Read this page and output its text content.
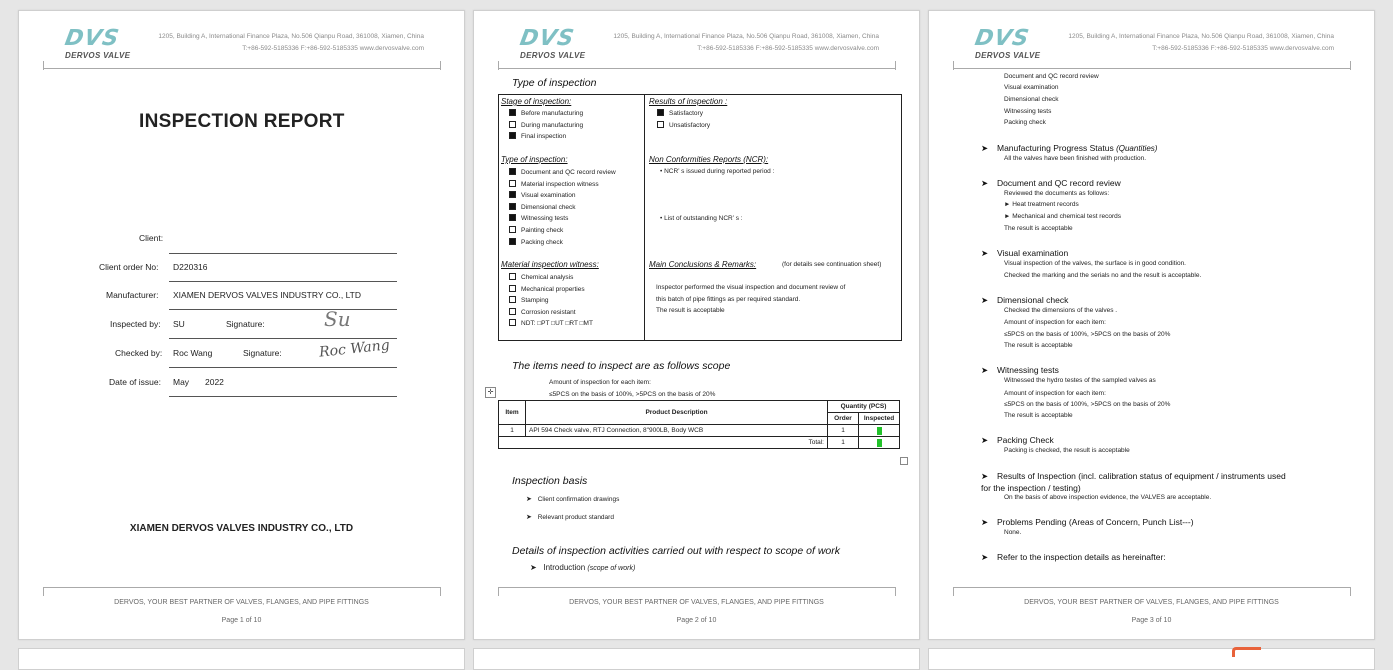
DVS
DERVOS VALVE
1205, Building A, International Finance Plaza, No.506 Qianpu Road, 361008, Xiamen, China
T:+86-592-5185336 F:+86-592-5185335 www.dervosvalve.com
INSPECTION REPORT
Client:
Client order No: D220316
Manufacturer: XIAMEN DERVOS VALVES INDUSTRY CO., LTD
Inspected by: SU	Signature:	Su
Checked by: Roc Wang	Signature:	Roc Wang
Date of issue: May 2022
XIAMEN DERVOS VALVES INDUSTRY CO., LTD
DERVOS, YOUR BEST PARTNER OF VALVES, FLANGES, AND PIPE FITTINGS
Page 1 of 10
DVS
DERVOS VALVE
1205, Building A, International Finance Plaza, No.506 Qianpu Road, 361008, Xiamen, China
T:+86-592-5185336 F:+86-592-5185335 www.dervosvalve.com
Type of inspection
Stage of inspection:
Before manufacturing
During manufacturing
Final inspection
Results of inspection :
Satisfactory
Unsatisfactory
Type of inspection:
Document and QC record review
Material inspection witness
Visual examination
Dimensional check
Witnessing tests
Painting check
Packing check
Non Conformities Reports (NCR):
• NCR’ s issued during reported period :
• List of outstanding NCR’ s :
Material inspection witness:
Chemical analysis
Mechanical properties
Stamping
Corrosion resistant
NDT: □PT □UT □RT □MT
Main Conclusions & Remarks:	(for details see continuation sheet)
Inspector performed the visual inspection and document review of
this batch of pipe fittings as per required standard.
The result is acceptable
The items need to inspect are as follows scope
Amount of inspection for each item:
≤5PCS on the basis of 100%, >5PCS on the basis of 20%
✛
Item	Product Description	Quantity (PCS)	
		Order	Inspected
1	API 594 Check valve, RTJ Connection, 8"900LB, Body WCB	1	
Total:		1	
Inspection basis
➤   Client confirmation drawings
➤   Relevant product standard
Details of inspection activities carried out with respect to scope of work
➤   Introduction (scope of work)
DERVOS, YOUR BEST PARTNER OF VALVES, FLANGES, AND PIPE FITTINGS
Page 2 of 10
DVS
DERVOS VALVE
1205, Building A, International Finance Plaza, No.506 Qianpu Road, 361008, Xiamen, China
T:+86-592-5185336 F:+86-592-5185335 www.dervosvalve.com
Document and QC record review
Visual examination
Dimensional check
Witnessing tests
Packing check
➤ Manufacturing Progress Status (Quantities)
All the valves have been finished with production.
➤ Document and QC record review
Reviewed the documents as follows:
► Heat treatment records
► Mechanical and chemical test records
The result is acceptable
➤ Visual examination
Visual inspection of the valves, the surface is in good condition.
Checked the marking and the serials no and the result is acceptable.
➤ Dimensional check
Checked the dimensions of the valves .
Amount of inspection for each item:
≤5PCS on the basis of 100%, >5PCS on the basis of 20%
The result is acceptable
➤ Witnessing tests
Witnessed the hydro testes of the sampled valves as
Amount of inspection for each item:
≤5PCS on the basis of 100%, >5PCS on the basis of 20%
The result is acceptable
➤ Packing Check
Packing is checked, the result is acceptable
➤ Results of Inspection (incl. calibration status of equipment / instruments used
for the inspection / testing)
On the basis of above inspection evidence, the VALVES are acceptable.
➤ Problems Pending (Areas of Concern, Punch List---)
None.
➤ Refer to the inspection details as hereinafter:
DERVOS, YOUR BEST PARTNER OF VALVES, FLANGES, AND PIPE FITTINGS
Page 3 of 10
